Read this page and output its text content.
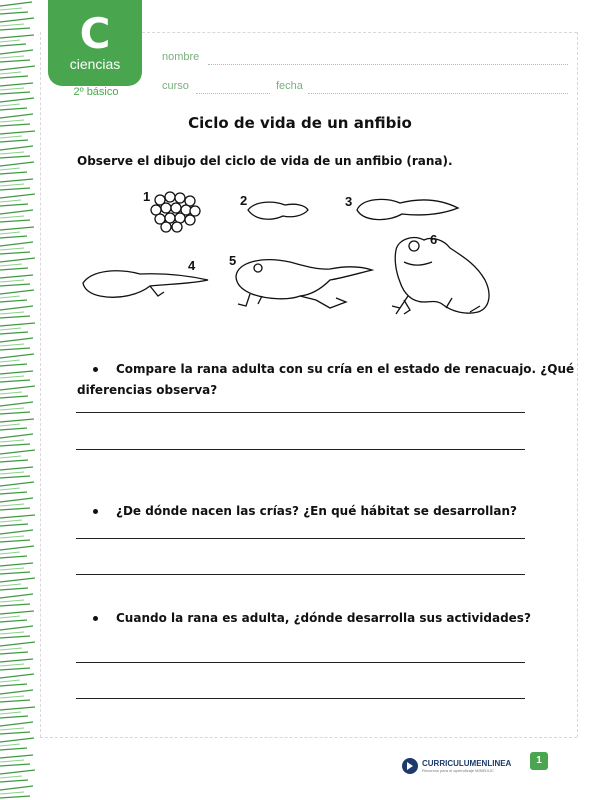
C
ciencias
2º básico
nombre
curso	fecha
Ciclo de vida de un anfibio
Observe el dibujo del ciclo de vida de un anfibio (rana).
1	2	3
4	5
6
Compare la rana adulta con su cría en el estado de renacuajo. ¿Qué
diferencias observa?
¿De dónde nacen las crías? ¿En qué hábitat se desarrollan?
Cuando la rana es adulta, ¿dónde desarrolla sus actividades?
CURRICULUMENLINEA
Recursos para el aprendizaje MINEDUC
1
